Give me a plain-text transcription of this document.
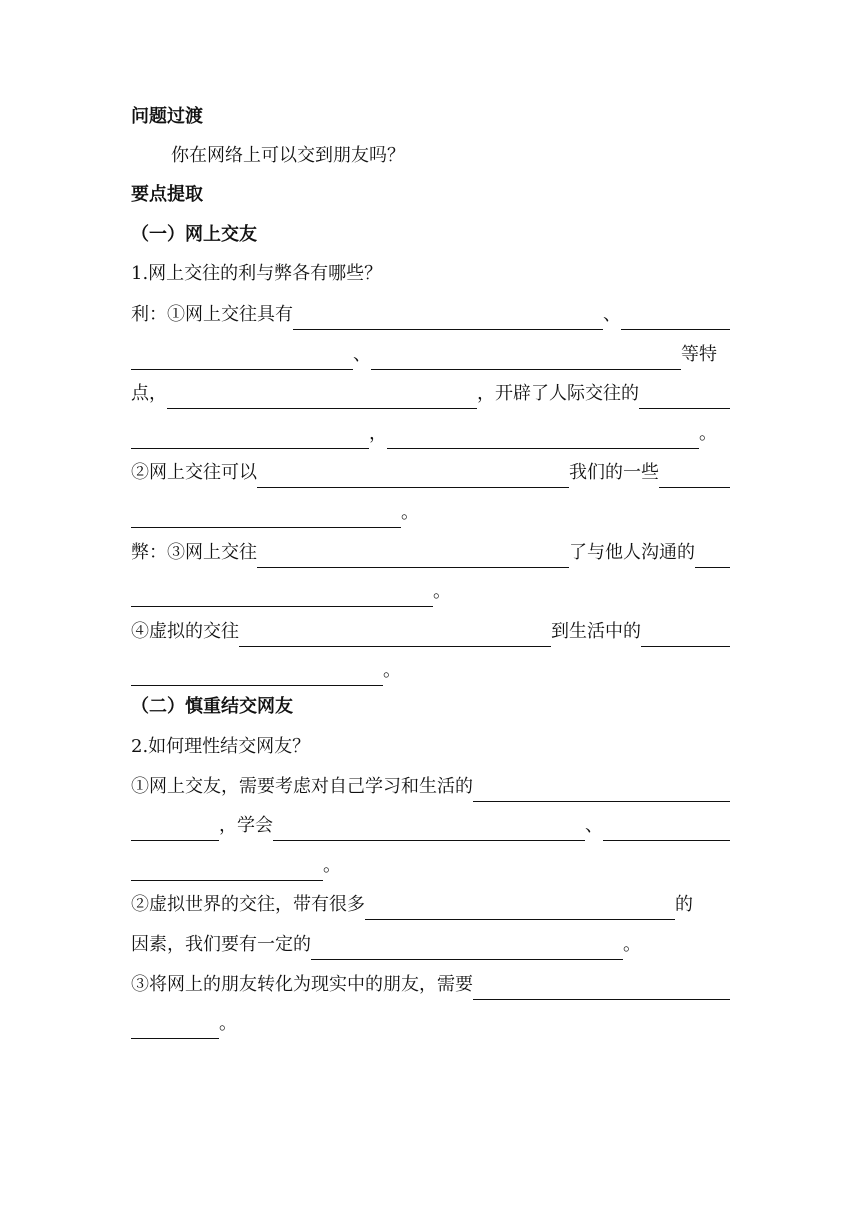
问题过渡
你在网络上可以交到朋友吗？
要点提取
（一）网上交友
1.网上交往的利与弊各有哪些？
利：①网上交往具有	、
、	等特
点，	，开辟了人际交往的
，	。
②网上交往可以	我们的一些
。
弊：③网上交往	了与他人沟通的
。
④虚拟的交往	到生活中的
。
（二）慎重结交网友
2.如何理性结交网友？
①网上交友，需要考虑对自己学习和生活的
，学会	、
。
②虚拟世界的交往，带有很多	的
因素，我们要有一定的	。
③将网上的朋友转化为现实中的朋友，需要
。
